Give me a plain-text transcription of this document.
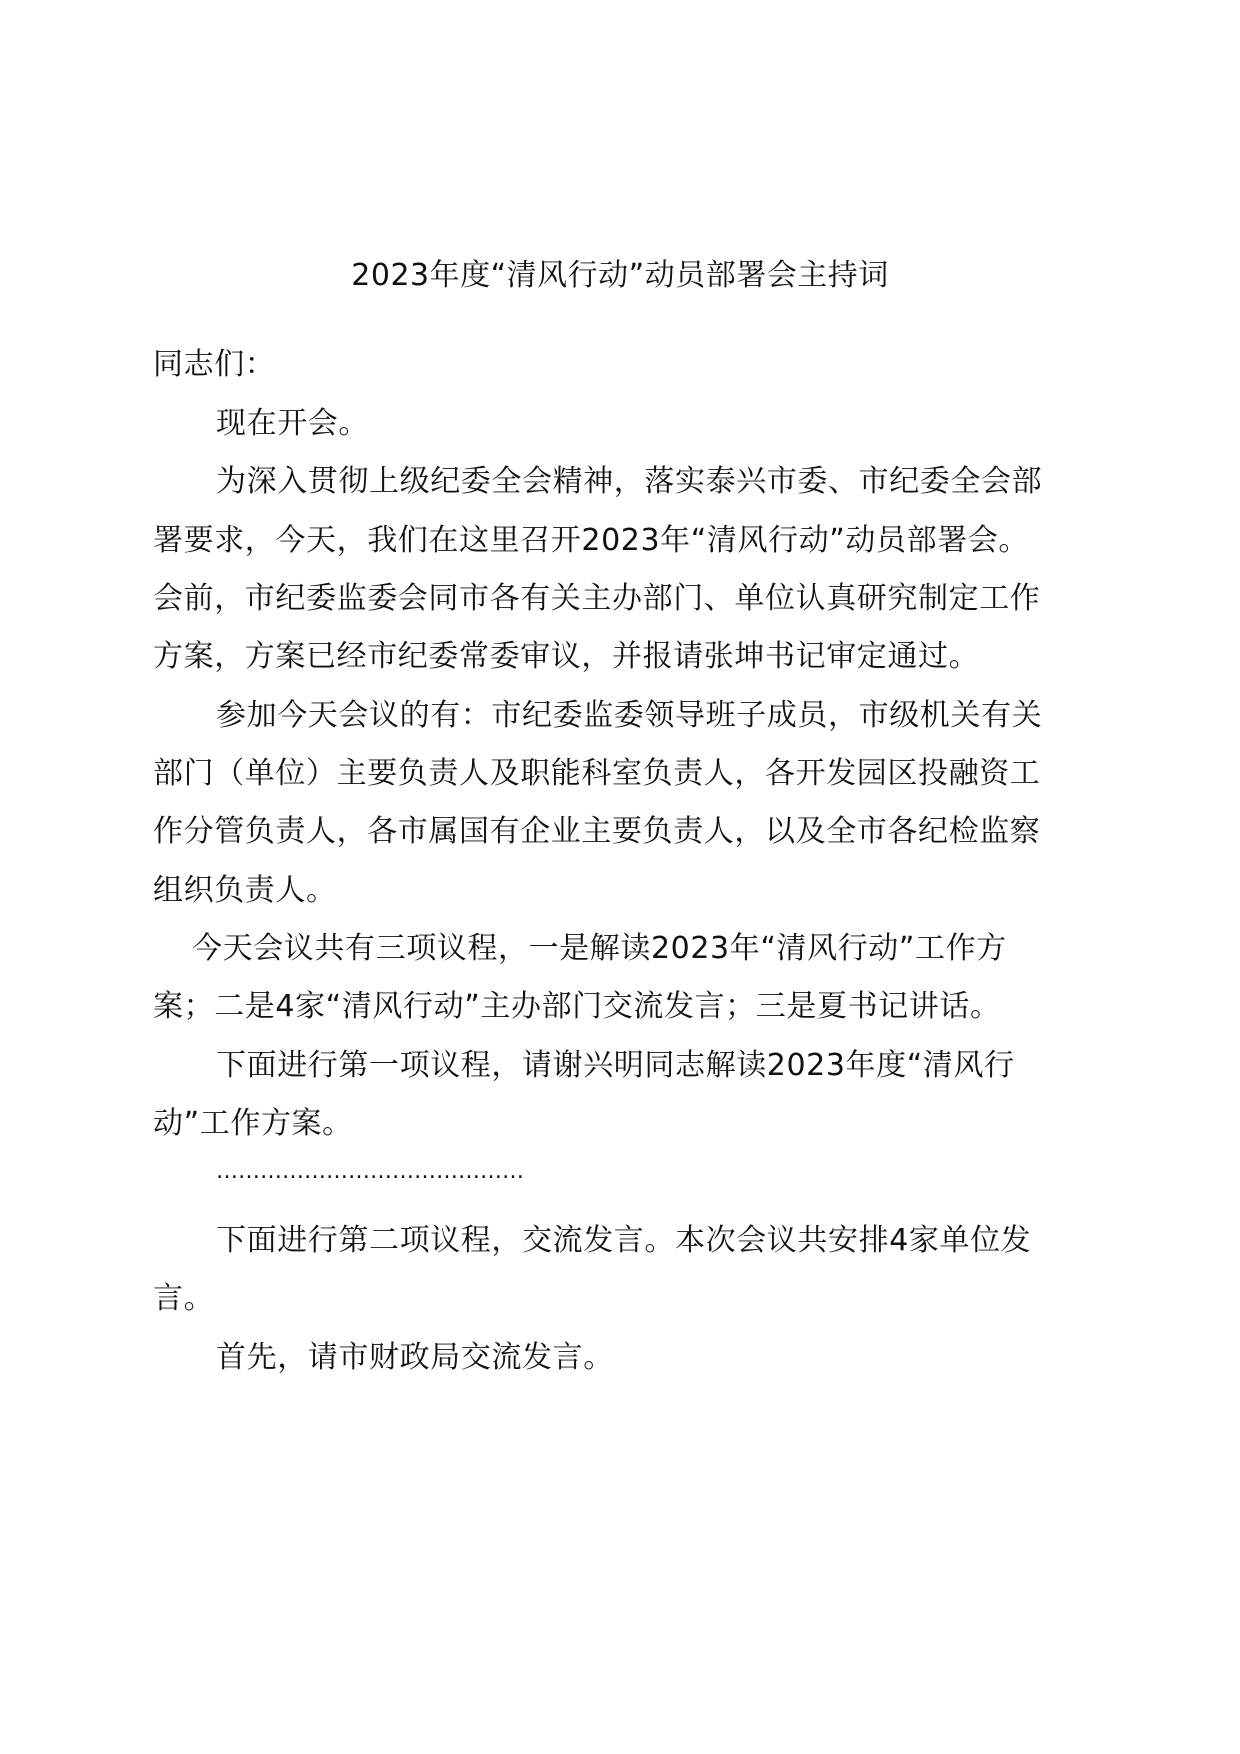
2023年度“清风行动”动员部署会主持词
同志们：
现在开会。
为深入贯彻上级纪委全会精神，落实泰兴市委、市纪委全会部
署要求，今天，我们在这里召开2023年“清风行动”动员部署会。
会前，市纪委监委会同市各有关主办部门、单位认真研究制定工作
方案，方案已经市纪委常委审议，并报请张坤书记审定通过。
参加今天会议的有：市纪委监委领导班子成员，市级机关有关
部门（单位）主要负责人及职能科室负责人，各开发园区投融资工
作分管负责人，各市属国有企业主要负责人，以及全市各纪检监察
组织负责人。
今天会议共有三项议程，一是解读2023年“清风行动”工作方
案；二是4家“清风行动”主办部门交流发言；三是夏书记讲话。
下面进行第一项议程，请谢兴明同志解读2023年度“清风行
动”工作方案。
……………………………………
下面进行第二项议程，交流发言。本次会议共安排4家单位发
言。
首先，请市财政局交流发言。
